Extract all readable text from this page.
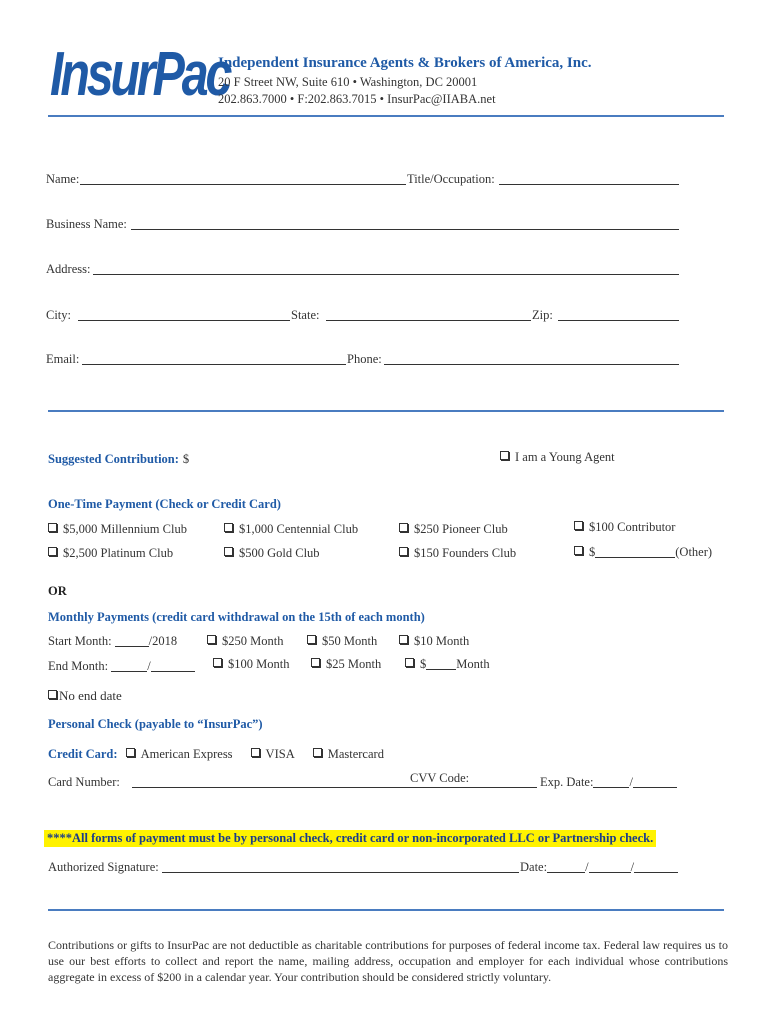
InsurPac
Independent Insurance Agents & Brokers of America, Inc.
20 F Street NW, Suite 610 • Washington, DC 20001
202.863.7000 • F:202.863.7015 • InsurPac@IIABA.net
Name:	Title/Occupation:
Business Name:
Address:
City:	State:	Zip:
Email:	Phone:
Suggested Contribution: $	I am a Young Agent
One-Time Payment (Check or Credit Card)
$5,000 Millennium Club	$1,000 Centennial Club	$250 Pioneer Club	$100 Contributor
$2,500 Platinum Club	$500 Gold Club	$150 Founders Club	$	(Other)
OR
Monthly Payments (credit card withdrawal on the 15th of each month)
Start Month:	/2018	$250 Month	$50 Month	$10 Month
End Month:	/	$100 Month	$25 Month	$ Month
No end date
Personal Check (payable to “InsurPac”)
Credit Card: American Express	VISA	Mastercard
Card Number:	CVV Code:	Exp. Date:	/
****All forms of payment must be by personal check, credit card or non-incorporated LLC or Partnership check.
Authorized Signature:	Date:	/	/
Contributions or gifts to InsurPac are not deductible as charitable contributions for purposes of federal income tax. Federal law requires us to use our best efforts to collect and report the name, mailing address, occupation and employer for each individual whose contributions aggregate in excess of $200 in a calendar year. Your contribution should be considered strictly voluntary.
